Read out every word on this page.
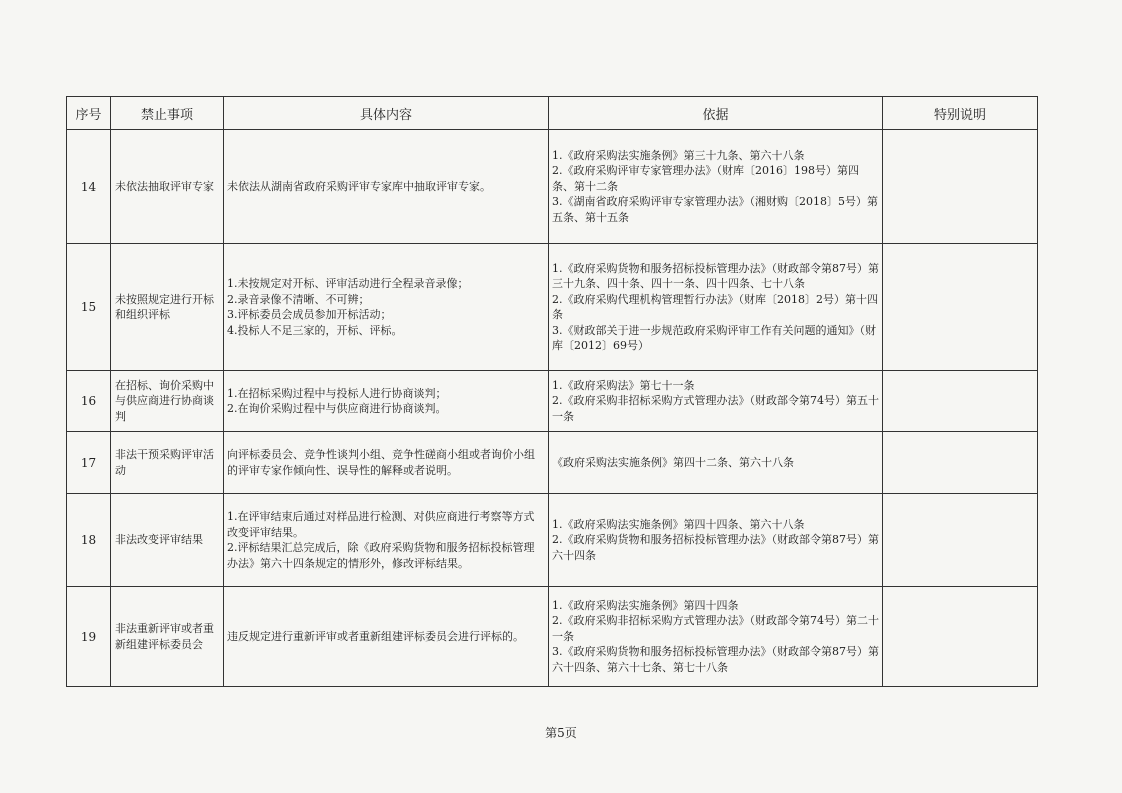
序号	禁止事项	具体内容	依据	特别说明
14	未依法抽取评审专家	未依法从湖南省政府采购评审专家库中抽取评审专家。	1.《政府采购法实施条例》第三十九条、第六十八条
2.《政府采购评审专家管理办法》（财库〔2016〕198号）第四条、第十二条
3.《湖南省政府采购评审专家管理办法》（湘财购〔2018〕5号）第五条、第十五条	

15	未按照规定进行开标和组织评标	1.未按规定对开标、评审活动进行全程录音录像；
2.录音录像不清晰、不可辨；
3.评标委员会成员参加开标活动；
4.投标人不足三家的，开标、评标。	1.《政府采购货物和服务招标投标管理办法》（财政部令第87号）第三十九条、四十条、四十一条、四十四条、七十八条
2.《政府采购代理机构管理暂行办法》（财库〔2018〕2号）第十四条
3.《财政部关于进一步规范政府采购评审工作有关问题的通知》（财库〔2012〕69号）	

16	在招标、询价采购中与供应商进行协商谈判	1.在招标采购过程中与投标人进行协商谈判；
2.在询价采购过程中与供应商进行协商谈判。	1.《政府采购法》第七十一条
2.《政府采购非招标采购方式管理办法》（财政部令第74号）第五十一条	

17	非法干预采购评审活动	向评标委员会、竞争性谈判小组、竞争性磋商小组或者询价小组的评审专家作倾向性、误导性的解释或者说明。	《政府采购法实施条例》第四十二条、第六十八条	

18	非法改变评审结果	1.在评审结束后通过对样品进行检测、对供应商进行考察等方式改变评审结果。
2.评标结果汇总完成后，除《政府采购货物和服务招标投标管理办法》第六十四条规定的情形外，修改评标结果。	1.《政府采购法实施条例》第四十四条、第六十八条
2.《政府采购货物和服务招标投标管理办法》（财政部令第87号）第六十四条	

19	非法重新评审或者重新组建评标委员会	违反规定进行重新评审或者重新组建评标委员会进行评标的。	1.《政府采购法实施条例》第四十四条
2.《政府采购非招标采购方式管理办法》（财政部令第74号）第二十一条
3.《政府采购货物和服务招标投标管理办法》（财政部令第87号）第六十四条、第六十七条、第七十八条	

第5页
